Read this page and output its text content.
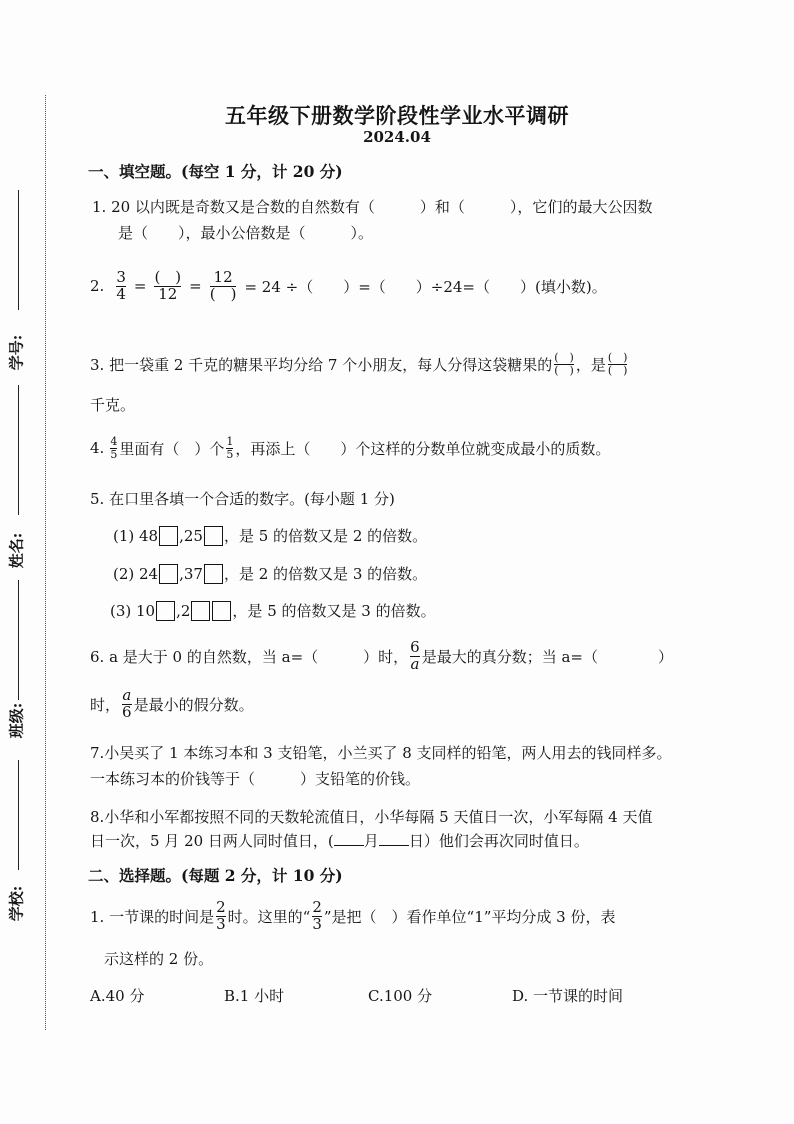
学号:
姓名:
班级:
学校:
五年级下册数学阶段性学业水平调研
2024.04
一、填空题。(每空 1 分，计 20 分)
1. 20 以内既是奇数又是合数的自然数有（　　　）和（　　　），它们的最大公因数
是（　　），最小公倍数是（　　　）。
2. $\frac{3}{4} = \frac{( )}{12} = \frac{12}{( )} = 24$ ÷（　　）=（　　）÷24=（　　）(填小数)。
3. 把一袋重 2 千克的糖果平均分给 7 个小朋友，每人分得这袋糖果的 $\frac{( )}{( )}$ ，是 $\frac{( )}{( )}$
千克。
4. $\frac{4}{5}$ 里面有（　）个 $\frac{1}{5}$ ，再添上（　　）个这样的分数单位就变成最小的质数。
5. 在口里各填一个合适的数字。(每小题 1 分)
(1) 48 ,25 ，是 5 的倍数又是 2 的倍数。
(2) 24 ,37 ，是 2 的倍数又是 3 的倍数。
(3) 10 ,2	，是 5 的倍数又是 3 的倍数。
6. a 是大于 0 的自然数，当 a=（　　　）时， $\frac{6}{a}$ 是最大的真分数；当 a=（　　　　）
时， $\frac{a}{6}$ 是最小的假分数。
7.小吴买了 1 本练习本和 3 支铅笔，小兰买了 8 支同样的铅笔，两人用去的钱同样多。
一本练习本的价钱等于（　　　）支铅笔的价钱。
8.小华和小军都按照不同的天数轮流值日，小华每隔 5 天值日一次，小军每隔 4 天值
日一次，5 月 20 日两人同时值日，( 月 日）他们会再次同时值日。
二、选择题。(每题 2 分，计 10 分)
1. 一节课的时间是 $\frac{2}{3}$ 时。这里的“ $\frac{2}{3}$ ”是把（　）看作单位“1”平均分成 3 份，表
示这样的 2 份。
A.40 分	B.1 小时	C.100 分	D. 一节课的时间
